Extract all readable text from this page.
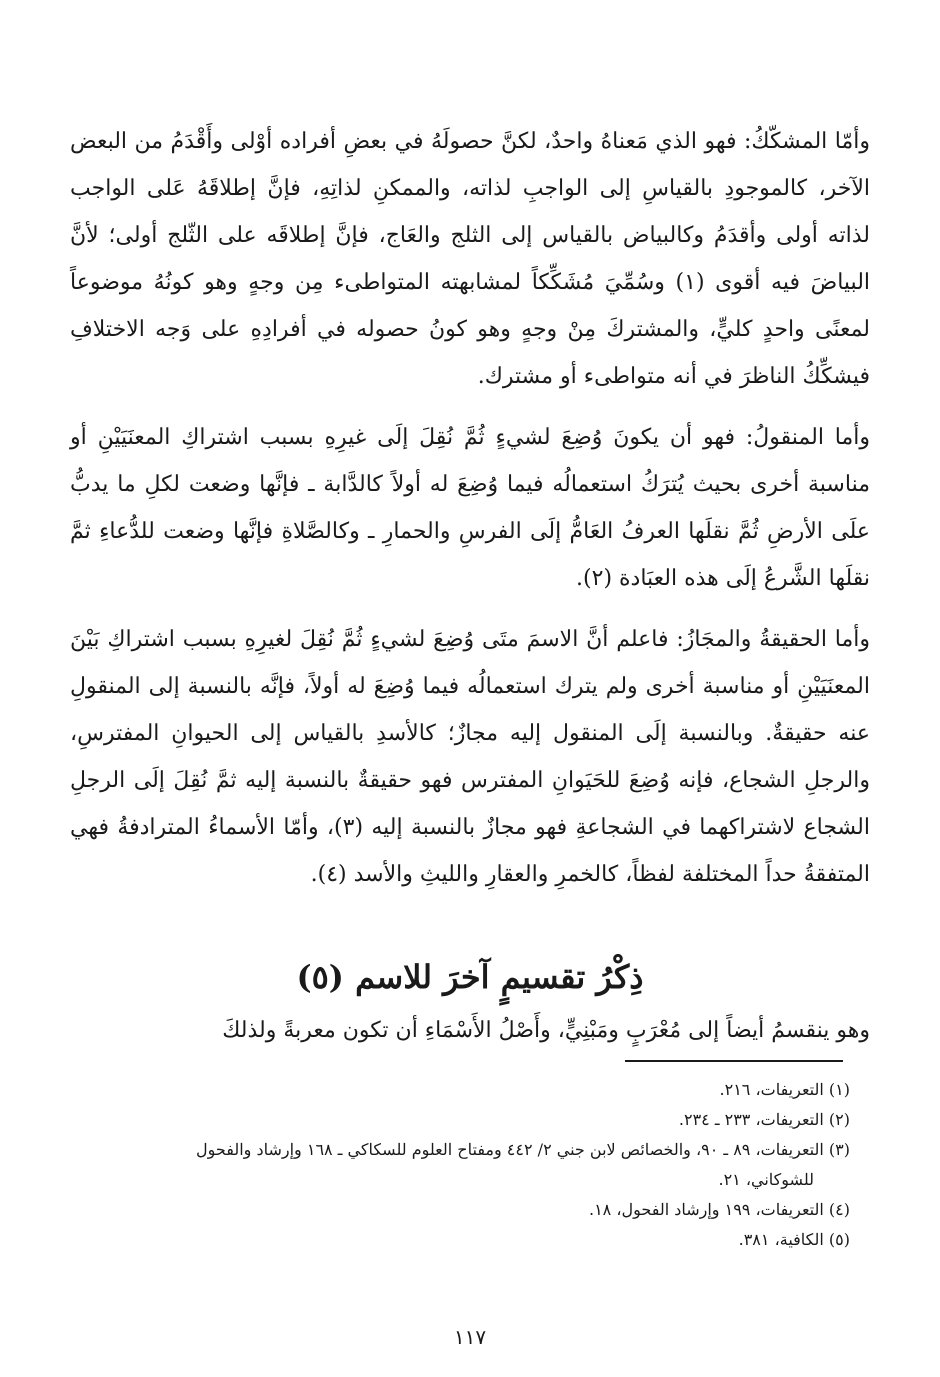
وأمّا المشكّكُ: فهو الذي مَعناهُ واحدٌ، لكنَّ حصولَهُ في بعضِ أفراده أوْلى وأَقْدَمُ من البعض الآخر، كالموجودِ بالقياسِ إلى الواجبِ لذاته، والممكنِ لذاتِهِ، فإنَّ إطلاقَهُ عَلى الواجب لذاته أولى وأقدَمُ وكالبياض بالقياس إلى الثلج والعَاج، فإنَّ إطلاقَه على الثّلج أولى؛ لأنَّ البياضَ فيه أقوى (١) وسُمِّيَ مُشَكِّكاً لمشابهته المتواطىء مِن وجهٍ وهو كونُهُ موضوعاً لمعنًى واحدٍ كليٍّ، والمشتركَ مِنْ وجهٍ وهو كونُ حصوله في أفرادِهِ على وَجه الاختلافِ فيشكِّكُ الناظرَ في أنه متواطىء أو مشترك.

وأما المنقولُ: فهو أن يكونَ وُضِعَ لشيءٍ ثُمَّ نُقِلَ إلَى غيرِهِ بسبب اشتراكِ المعنَيَيْنِ أو مناسبة أخرى بحيث يُترَكُ استعمالُه فيما وُضِعَ له أولاً كالدَّابة ـ فإنَّها وضعت لكلِ ما يدبُّ علَى الأرضِ ثُمَّ نقلَها العرفُ العَامُّ إلَى الفرسِ والحمارِ ـ وكالصَّلاةِ فإنَّها وضعت للدُّعاءِ ثمَّ نقلَها الشَّرعُ إلَى هذه العبَادة (٢).

وأما الحقيقةُ والمجَازُ: فاعلم أنَّ الاسمَ متَى وُضِعَ لشيءٍ ثُمَّ نُقِلَ لغيرِهِ بسبب اشتراكِ بَيْنَ المعنَيَيْنِ أو مناسبة أخرى ولم يترك استعمالُه فيما وُضِعَ له أولاً، فإنَّه بالنسبة إلى المنقولِ عنه حقيقةٌ. وبالنسبة إلَى المنقول إليه مجازٌ؛ كالأسدِ بالقياس إلى الحيوانِ المفترسِ، والرجلِ الشجاع، فإنه وُضِعَ للحَيَوانِ المفترس فهو حقيقةٌ بالنسبة إليه ثمَّ نُقِلَ إلَى الرجلِ الشجاع لاشتراكهما في الشجاعةِ فهو مجازٌ بالنسبة إليه (٣)، وأمّا الأسماءُ المترادفةُ فهي المتفقةُ حداً المختلفة لفظاً، كالخمرِ والعقارِ والليثِ والأسد (٤).

ذِكْرُ تقسيمٍ آخرَ للاسم (٥)

وهو ينقسمُ أيضاً إلى مُعْرَبٍ ومَبْنِيٍّ، وأَصْلُ الأَسْمَاءِ أن تكون معربةً ولذلكَ

(١) التعريفات، ٢١٦.

(٢) التعريفات، ٢٣٣ ـ ٢٣٤.

(٣) التعريفات، ٨٩ ـ ٩٠، والخصائص لابن جني ٢/ ٤٤٢ ومفتاح العلوم للسكاكي ـ ١٦٨ وإرشاد والفحول

للشوكاني، ٢١.

(٤) التعريفات، ١٩٩ وإرشاد الفحول، ١٨.

(٥) الكافية، ٣٨١.

١١٧
